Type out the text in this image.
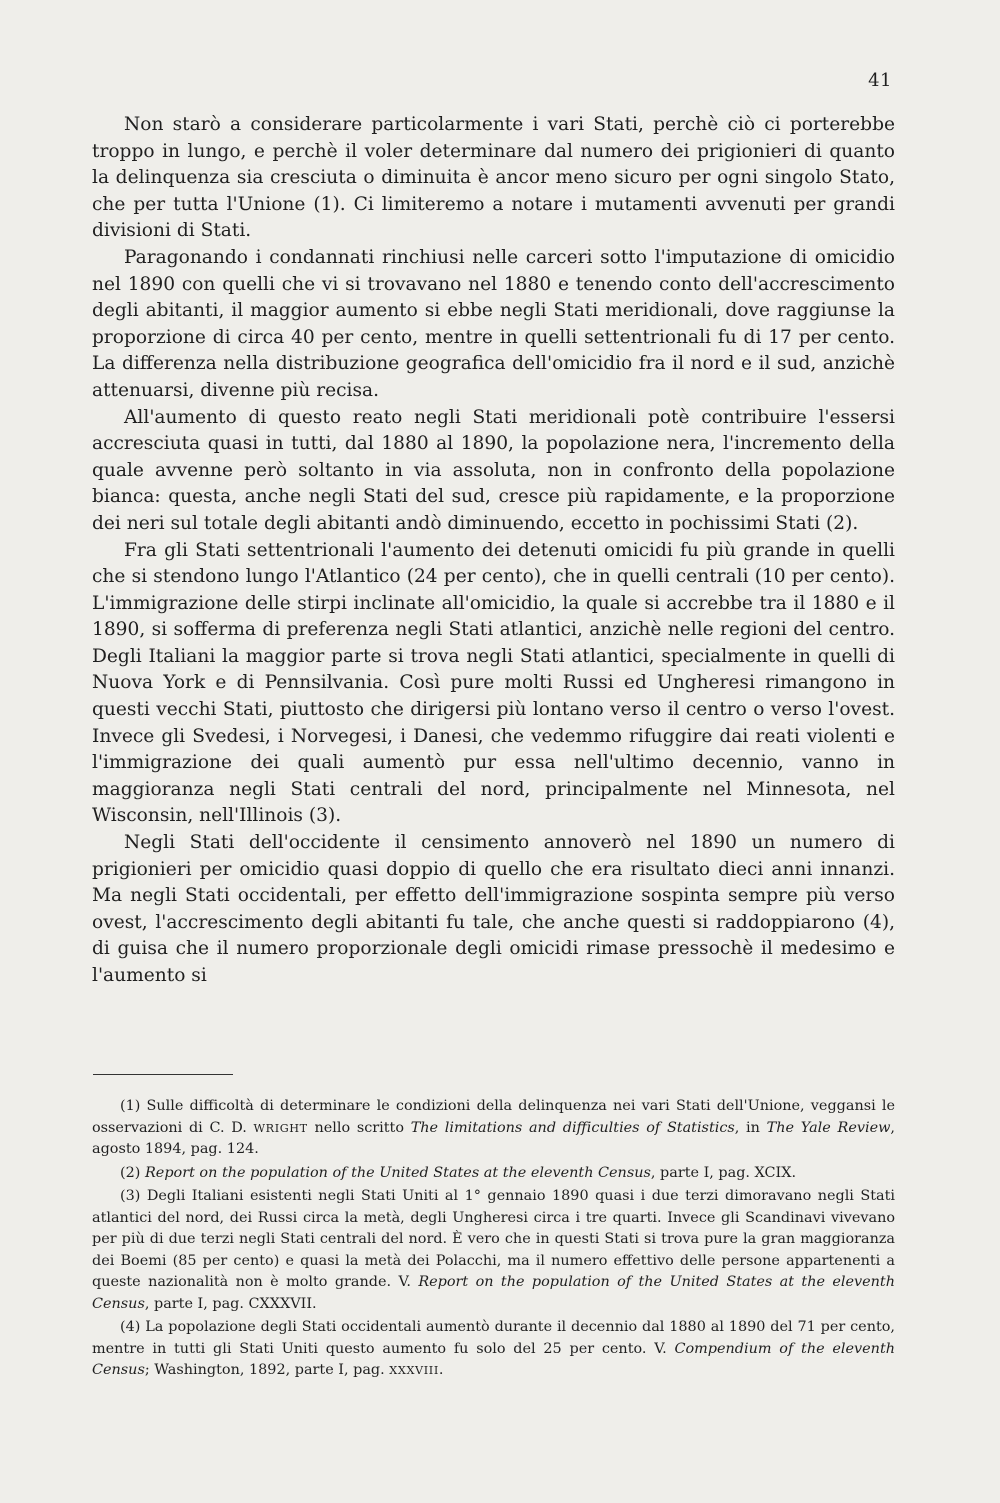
41

Non starò a considerare particolarmente i vari Stati, perchè ciò ci porterebbe troppo in lungo, e perchè il voler determinare dal numero dei prigionieri di quanto la delinquenza sia cresciuta o diminuita è ancor meno sicuro per ogni singolo Stato, che per tutta l'Unione (1). Ci limiteremo a notare i mutamenti avvenuti per grandi divisioni di Stati.

Paragonando i condannati rinchiusi nelle carceri sotto l'imputazione di omicidio nel 1890 con quelli che vi si trovavano nel 1880 e tenendo conto dell'accrescimento degli abitanti, il maggior aumento si ebbe negli Stati meridionali, dove raggiunse la proporzione di circa 40 per cento, mentre in quelli settentrionali fu di 17 per cento. La differenza nella distribuzione geografica dell'omicidio fra il nord e il sud, anzichè attenuarsi, divenne più recisa.

All'aumento di questo reato negli Stati meridionali potè contribuire l'essersi accresciuta quasi in tutti, dal 1880 al 1890, la popolazione nera, l'incremento della quale avvenne però soltanto in via assoluta, non in confronto della popolazione bianca: questa, anche negli Stati del sud, cresce più rapidamente, e la proporzione dei neri sul totale degli abitanti andò diminuendo, eccetto in pochissimi Stati (2).

Fra gli Stati settentrionali l'aumento dei detenuti omicidi fu più grande in quelli che si stendono lungo l'Atlantico (24 per cento), che in quelli centrali (10 per cento). L'immigrazione delle stirpi inclinate all'omicidio, la quale si accrebbe tra il 1880 e il 1890, si sofferma di preferenza negli Stati atlantici, anzichè nelle regioni del centro. Degli Italiani la maggior parte si trova negli Stati atlantici, specialmente in quelli di Nuova York e di Pennsilvania. Così pure molti Russi ed Ungheresi rimangono in questi vecchi Stati, piuttosto che dirigersi più lontano verso il centro o verso l'ovest. Invece gli Svedesi, i Norvegesi, i Danesi, che vedemmo rifuggire dai reati violenti e l'immigrazione dei quali aumentò pur essa nell'ultimo decennio, vanno in maggioranza negli Stati centrali del nord, principalmente nel Minnesota, nel Wisconsin, nell'Illinois (3).

Negli Stati dell'occidente il censimento annoverò nel 1890 un numero di prigionieri per omicidio quasi doppio di quello che era risultato dieci anni innanzi. Ma negli Stati occidentali, per effetto dell'immigrazione sospinta sempre più verso ovest, l'accrescimento degli abitanti fu tale, che anche questi si raddoppiarono (4), di guisa che il numero proporzionale degli omicidi rimase pressochè il medesimo e l'aumento si

(1) Sulle difficoltà di determinare le condizioni della delinquenza nei vari Stati dell'Unione, veggansi le osservazioni di C. D. WRIGHT nello scritto The limitations and difficulties of Statistics, in The Yale Review, agosto 1894, pag. 124.

(2) Report on the population of the United States at the eleventh Census, parte I, pag. XCIX.

(3) Degli Italiani esistenti negli Stati Uniti al 1° gennaio 1890 quasi i due terzi dimoravano negli Stati atlantici del nord, dei Russi circa la metà, degli Ungheresi circa i tre quarti. Invece gli Scandinavi vivevano per più di due terzi negli Stati centrali del nord. È vero che in questi Stati si trova pure la gran maggioranza dei Boemi (85 per cento) e quasi la metà dei Polacchi, ma il numero effettivo delle persone appartenenti a queste nazionalità non è molto grande. V. Report on the population of the United States at the eleventh Census, parte I, pag. CXXXVII.

(4) La popolazione degli Stati occidentali aumentò durante il decennio dal 1880 al 1890 del 71 per cento, mentre in tutti gli Stati Uniti questo aumento fu solo del 25 per cento. V. Compendium of the eleventh Census; Washington, 1892, parte I, pag. XXXVIII.
